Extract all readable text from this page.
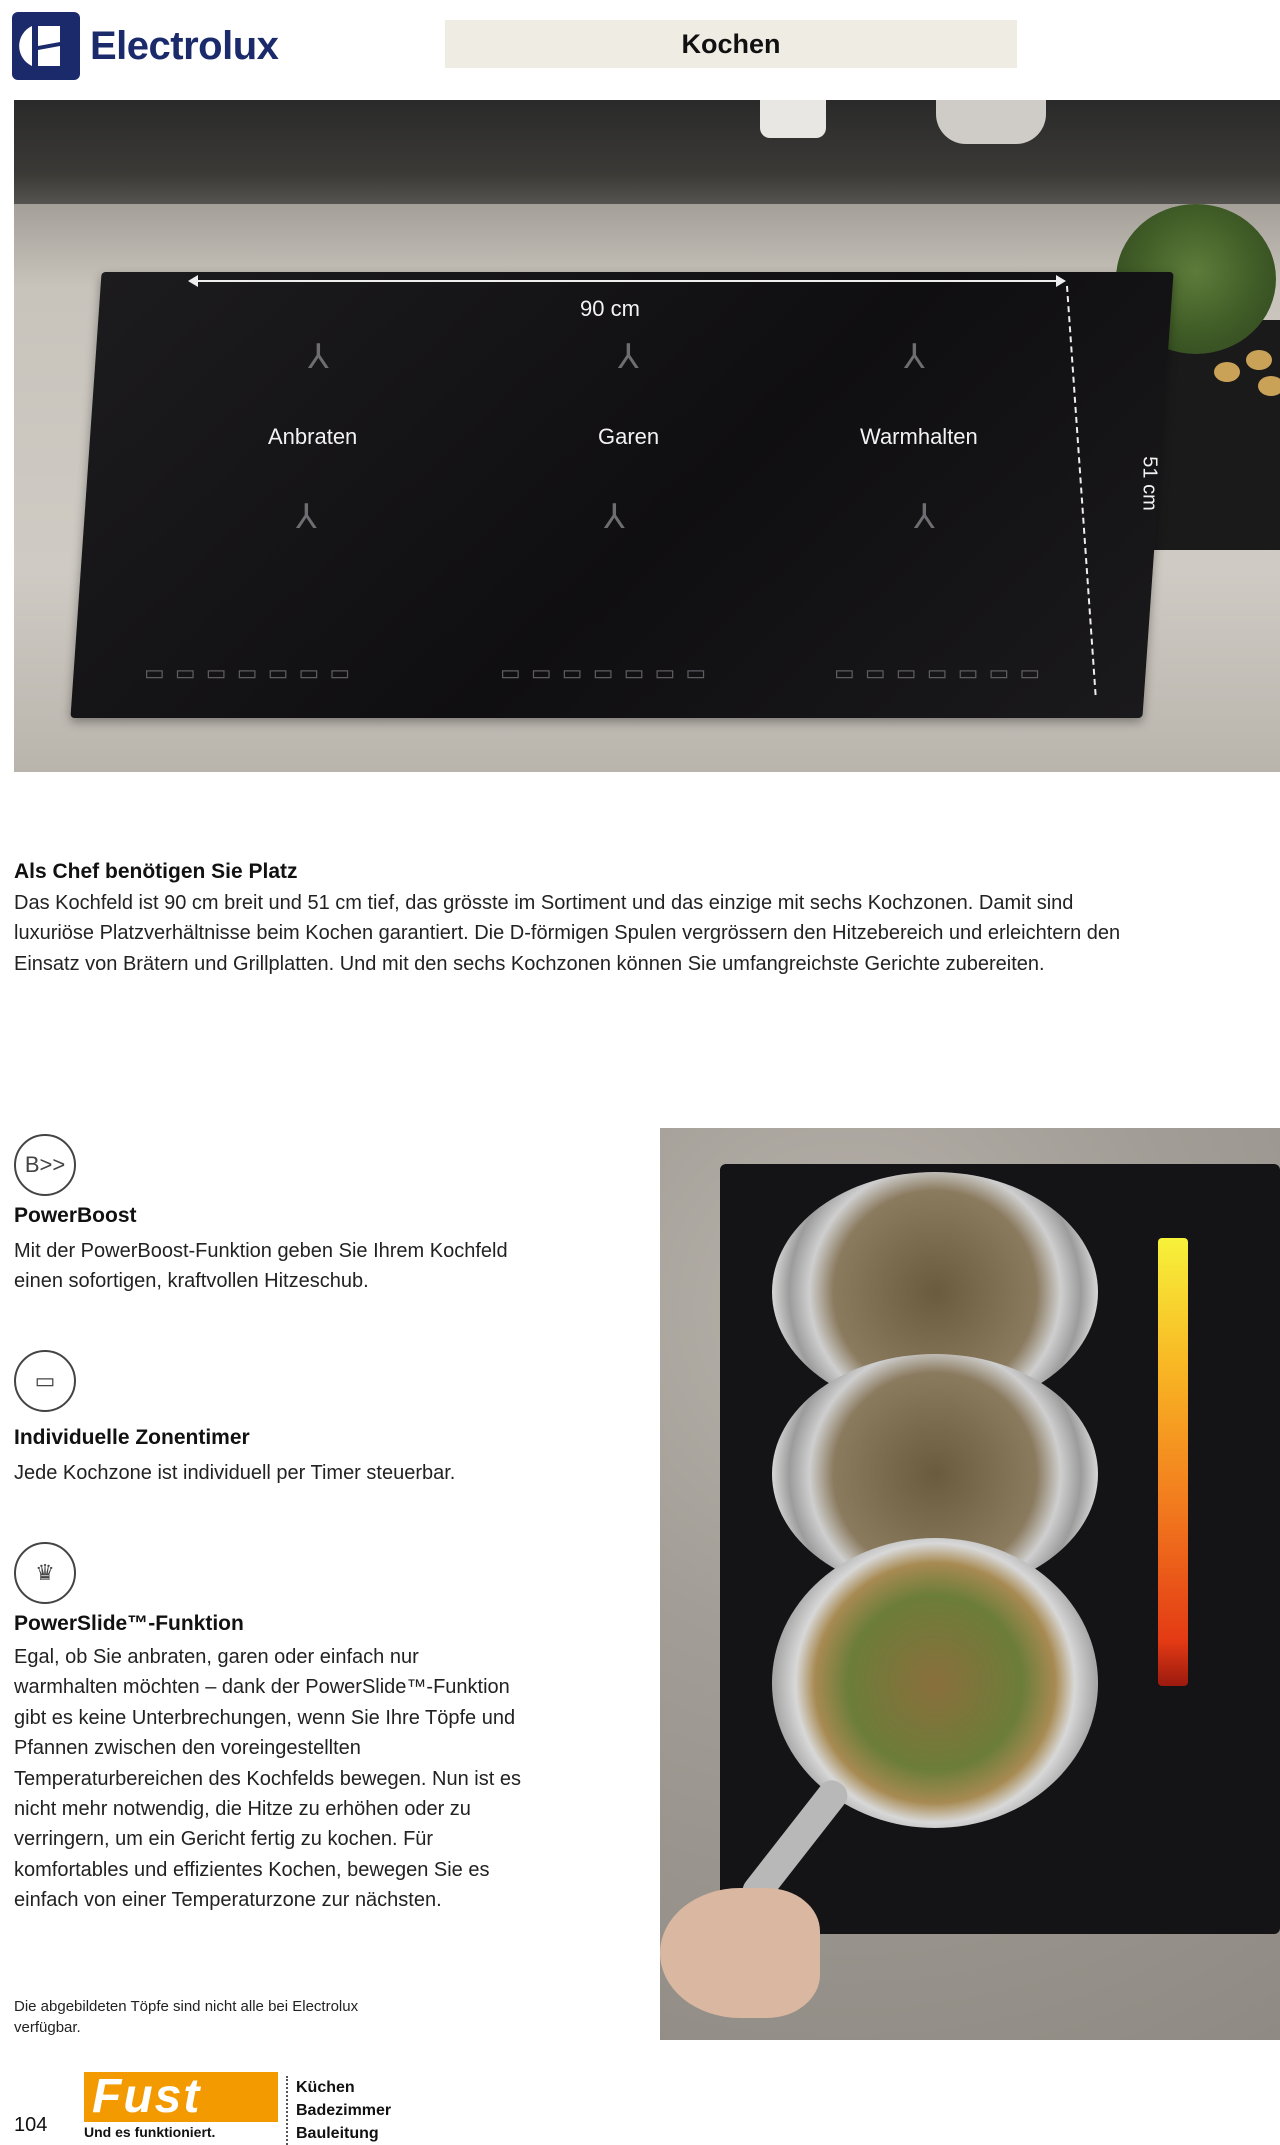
Electrolux	Kochen
90 cm
51 cm
⅄	⅄	⅄
⅄	⅄	⅄
Anbraten	Garen	Warmhalten
▭ ▭ ▭ ▭ ▭ ▭ ▭	▭ ▭ ▭ ▭ ▭ ▭ ▭	▭ ▭ ▭ ▭ ▭ ▭ ▭
Als Chef benötigen Sie Platz

Das Kochfeld ist 90 cm breit und 51 cm tief, das grösste im Sortiment und das einzige mit sechs Kochzonen. Damit sind luxuriöse Platzverhältnisse beim Kochen garantiert. Die D-förmigen Spulen vergrössern den Hitzebereich und erleichtern den Einsatz von Brätern und Grillplatten. Und mit den sechs Kochzonen können Sie umfangreichste Gerichte zubereiten.

B>>
PowerBoost

Mit der PowerBoost-Funktion geben Sie Ihrem Kochfeld einen sofortigen, kraftvollen Hitzeschub.

▭
Individuelle Zonentimer

Jede Kochzone ist individuell per Timer steuerbar.

♛
PowerSlide™-Funktion

Egal, ob Sie anbraten, garen oder einfach nur warmhalten möchten – dank der PowerSlide™-Funktion gibt es keine Unterbrechungen, wenn Sie Ihre Töpfe und Pfannen zwischen den voreingestellten Temperaturbereichen des Kochfelds bewegen. Nun ist es nicht mehr notwendig, die Hitze zu erhöhen oder zu verringern, um ein Gericht fertig zu kochen. Für komfortables und effizientes Kochen, bewegen Sie es einfach von einer Temperaturzone zur nächsten.

Die abgebildeten Töpfe sind nicht alle bei Electrolux verfügbar.

104
Fust
Und es funktioniert.
Küchen
Badezimmer
Bauleitung
